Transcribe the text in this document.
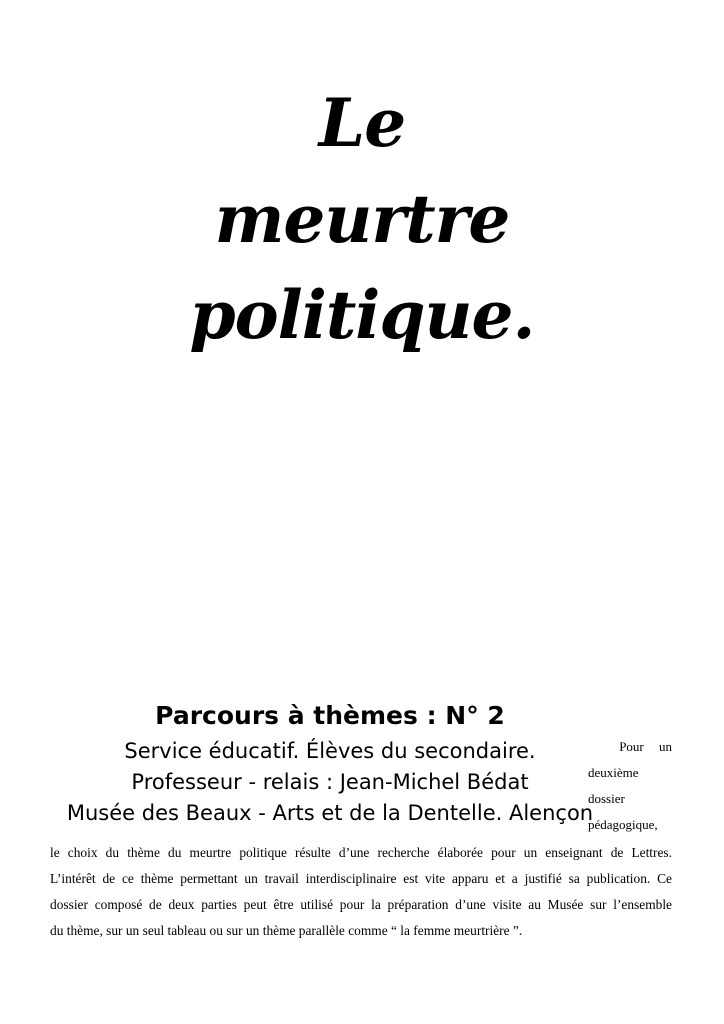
Le
meurtre
politique.

Parcours à thèmes : N° 2

Service éducatif. Élèves du secondaire.

Professeur - relais : Jean-Michel Bédat

Musée des Beaux - Arts et de la Dentelle. Alençon

Pour un

deuxième

dossier

pédagogique,

le choix du thème du meurtre politique résulte d’une recherche élaborée pour un enseignant de Lettres.

L’intérêt de ce thème permettant un travail interdisciplinaire est vite apparu et a justifié sa publication. Ce

dossier composé de deux parties peut être utilisé pour la préparation d’une visite au Musée sur l’ensemble

du thème, sur un seul tableau ou sur un thème parallèle comme “ la femme meurtrière ”.
